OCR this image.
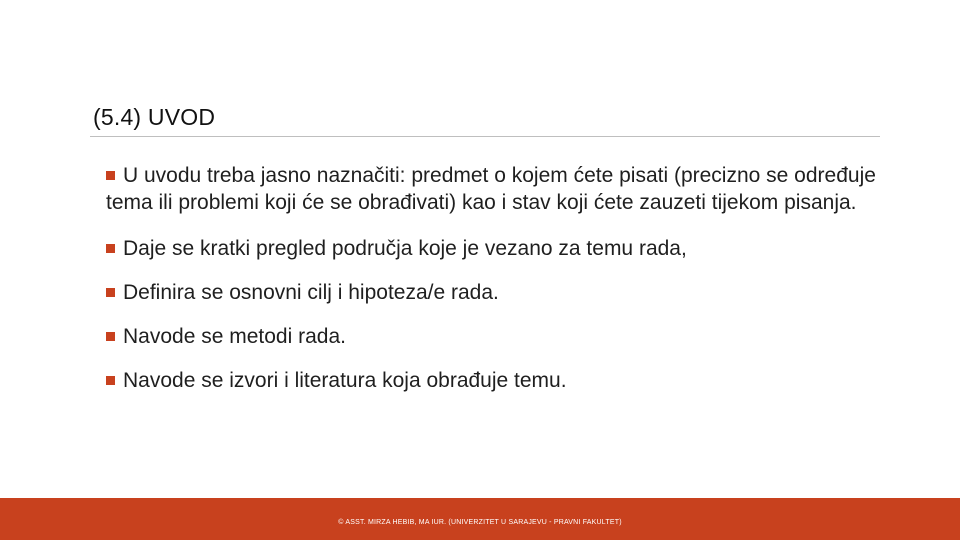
(5.4) UVOD
U uvodu treba jasno naznačiti: predmet o kojem ćete pisati (precizno se određuje tema ili problemi koji će se obrađivati) kao i stav koji ćete zauzeti tijekom pisanja.
Daje se kratki pregled područja koje je vezano za temu rada,
Definira se osnovni cilj i hipoteza/e rada.
Navode se metodi rada.
Navode se izvori i literatura koja obrađuje temu.
© ASST. MIRZA HEBIB, MA IUR. (UNIVERZITET U SARAJEVU - PRAVNI FAKULTET)
